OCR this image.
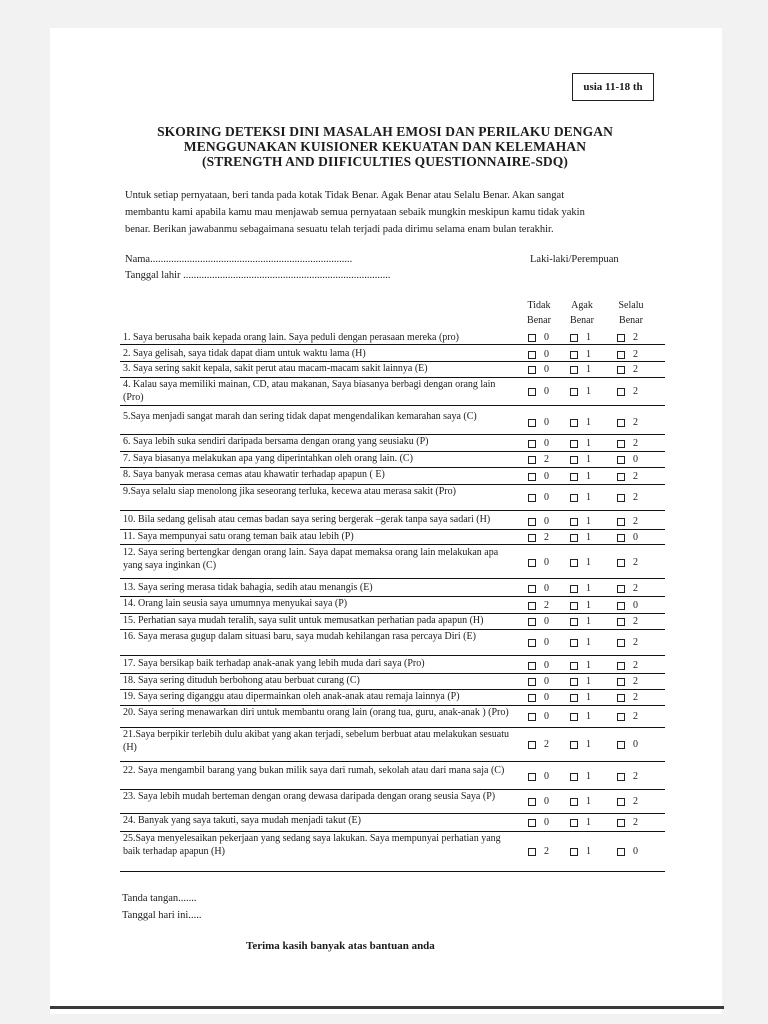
usia 11-18 th
SKORING DETEKSI DINI MASALAH EMOSI DAN PERILAKU DENGAN
MENGGUNAKAN KUISIONER KEKUATAN DAN KELEMAHAN
(STRENGTH AND DIIFICULTIES QUESTIONNAIRE-SDQ)
Untuk setiap pernyataan, beri tanda pada kotak Tidak Benar. Agak Benar atau Selalu Benar. Akan sangat
membantu kami apabila kamu mau menjawab semua pernyataan sebaik mungkin meskipun kamu tidak yakin
benar. Berikan jawabanmu sebagaimana sesuatu telah terjadi pada dirimu selama enam bulan terakhir.
Nama.............................................................................	Laki-laki/Perempuan
Tanggal lahir ...............................................................................
Tidak
Benar
Agak
Benar
Selalu
Benar
1. Saya berusaha baik kepada orang lain. Saya peduli dengan perasaan mereka (pro)	0	1	2
2. Saya gelisah, saya tidak dapat diam untuk waktu lama (H)	0	1	2
3. Saya sering sakit kepala, sakit perut atau macam-macam sakit lainnya (E)	0	1	2
4. Kalau saya memiliki mainan, CD, atau makanan, Saya biasanya berbagi dengan orang lain (Pro)
0	1	2
5.Saya menjadi sangat marah dan sering tidak dapat mengendalikan kemarahan saya (C)
0	1	2
6. Saya lebih suka sendiri daripada bersama dengan orang yang seusiaku (P)	0	1	2
7. Saya biasanya melakukan apa yang diperintahkan oleh orang lain. (C)	2	1	0
8. Saya banyak merasa cemas atau khawatir terhadap apapun ( E)	0	1	2
9.Saya selalu siap menolong jika seseorang terluka, kecewa atau merasa sakit (Pro)
0	1	2
10. Bila sedang gelisah atau cemas badan saya sering bergerak –gerak tanpa saya sadari (H)	0	1	2
11. Saya mempunyai satu orang teman baik atau lebih (P)	2	1	0
12. Saya sering bertengkar dengan orang lain. Saya dapat memaksa orang lain melakukan apa yang saya inginkan (C)	0	1	2
13. Saya sering merasa tidak bahagia, sedih atau menangis (E)	0	1	2
14. Orang lain seusia saya umumnya menyukai saya (P)	2	1	0
15. Perhatian saya mudah teralih, saya sulit untuk memusatkan perhatian pada apapun (H)	0	1	2
16. Saya merasa gugup dalam situasi baru, saya mudah kehilangan rasa percaya Diri (E)
0	1	2
17. Saya bersikap baik terhadap anak-anak yang lebih muda dari saya (Pro)	0	1	2
18. Saya sering dituduh berbohong atau berbuat curang (C)	0	1	2
19. Saya sering diganggu atau dipermainkan oleh anak-anak atau remaja lainnya (P)	0	1	2
20. Saya sering menawarkan diri untuk membantu orang lain (orang tua, guru, anak-anak ) (Pro)	0	1	2
21.Saya berpikir terlebih dulu akibat yang akan terjadi, sebelum berbuat atau melakukan sesuatu (H)	2	1	0
22. Saya mengambil barang yang bukan milik saya dari rumah, sekolah atau dari mana saja (C)
0	1	2
23. Saya lebih mudah berteman dengan orang dewasa daripada dengan orang seusia Saya (P)	0	1	2
24. Banyak yang saya takuti, saya mudah menjadi takut (E)	0	1	2
25.Saya menyelesaikan pekerjaan yang sedang saya lakukan. Saya mempunyai perhatian yang baik terhadap apapun (H)	2	1	0
Tanda tangan.......
Tanggal hari ini.....
Terima kasih banyak atas bantuan anda
